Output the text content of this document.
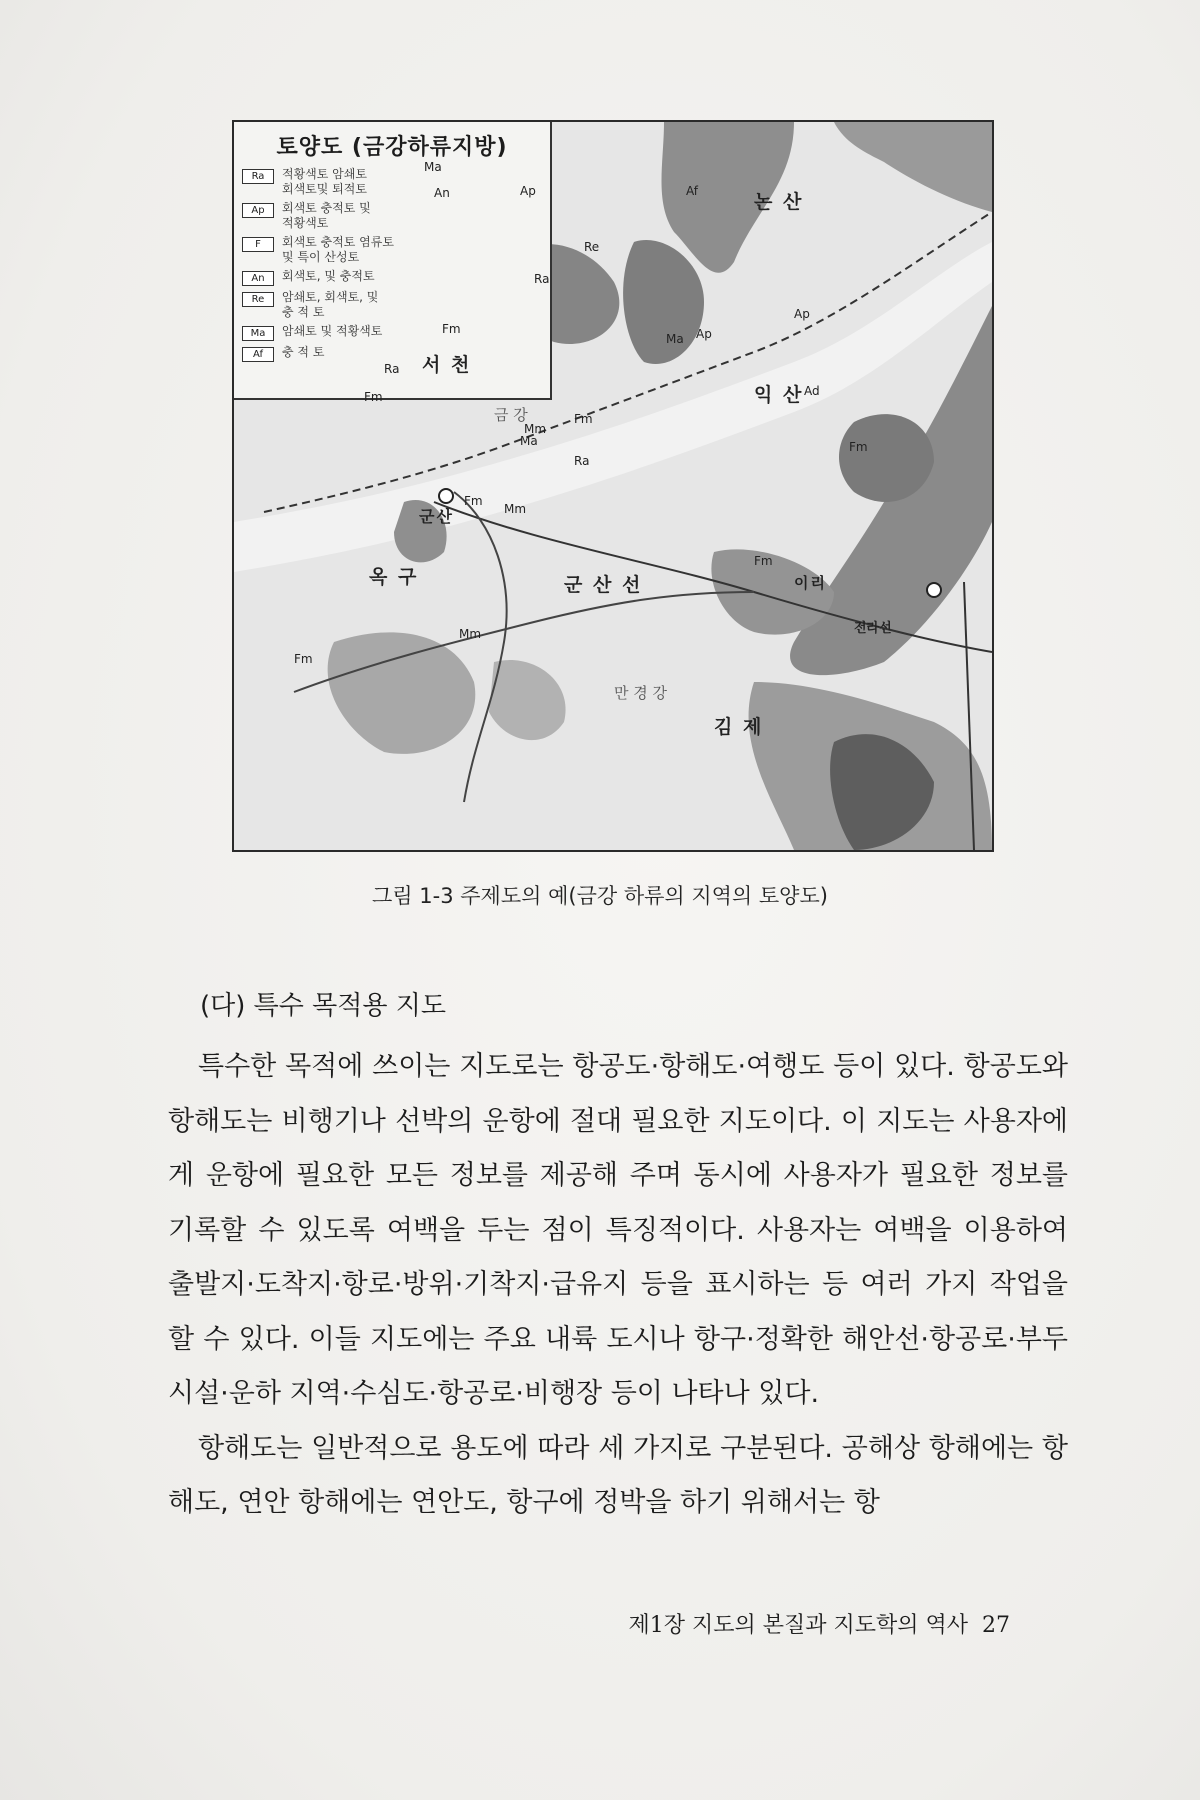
토양도 (금강하류지방)
Ra	적황색토 암쇄토
회색토및 퇴적토
Ap	회색토 충적토 및
적황색토
F	회색토 충적토 염류토
및 특이 산성토
An	회색토, 및 충적토
Re	암쇄토, 회색토, 및
충 적 토
Ma	암쇄토 및 적황색토
Af	충 적 토
서 천
군산
옥 구	군 산 선
논 산
익 산
이리
전라선
금 강
만 경 강
김 제
Ma
Re
Ap	Af
An
Ra
Fm
Mm
Ap
Ma
Fm
Mm
Fm
Ap
Ad
Fm
Ra
Ma
Ra
Fm
Mm
Fm
Fm
그림 1-3 주제도의 예(금강 하류의 지역의 토양도)
(다) 특수 목적용 지도

특수한 목적에 쓰이는 지도로는 항공도·항해도·여행도 등이 있다. 항공도와 항해도는 비행기나 선박의 운항에 절대 필요한 지도이다. 이 지도는 사용자에게 운항에 필요한 모든 정보를 제공해 주며 동시에 사용자가 필요한 정보를 기록할 수 있도록 여백을 두는 점이 특징적이다. 사용자는 여백을 이용하여 출발지·도착지·항로·방위·기착지·급유지 등을 표시하는 등 여러 가지 작업을 할 수 있다. 이들 지도에는 주요 내륙 도시나 항구·정확한 해안선·항공로·부두 시설·운하 지역·수심도·항공로·비행장 등이 나타나 있다.

항해도는 일반적으로 용도에 따라 세 가지로 구분된다. 공해상 항해에는 항해도, 연안 항해에는 연안도, 항구에 정박을 하기 위해서는 항

제1장 지도의 본질과 지도학의 역사 27
